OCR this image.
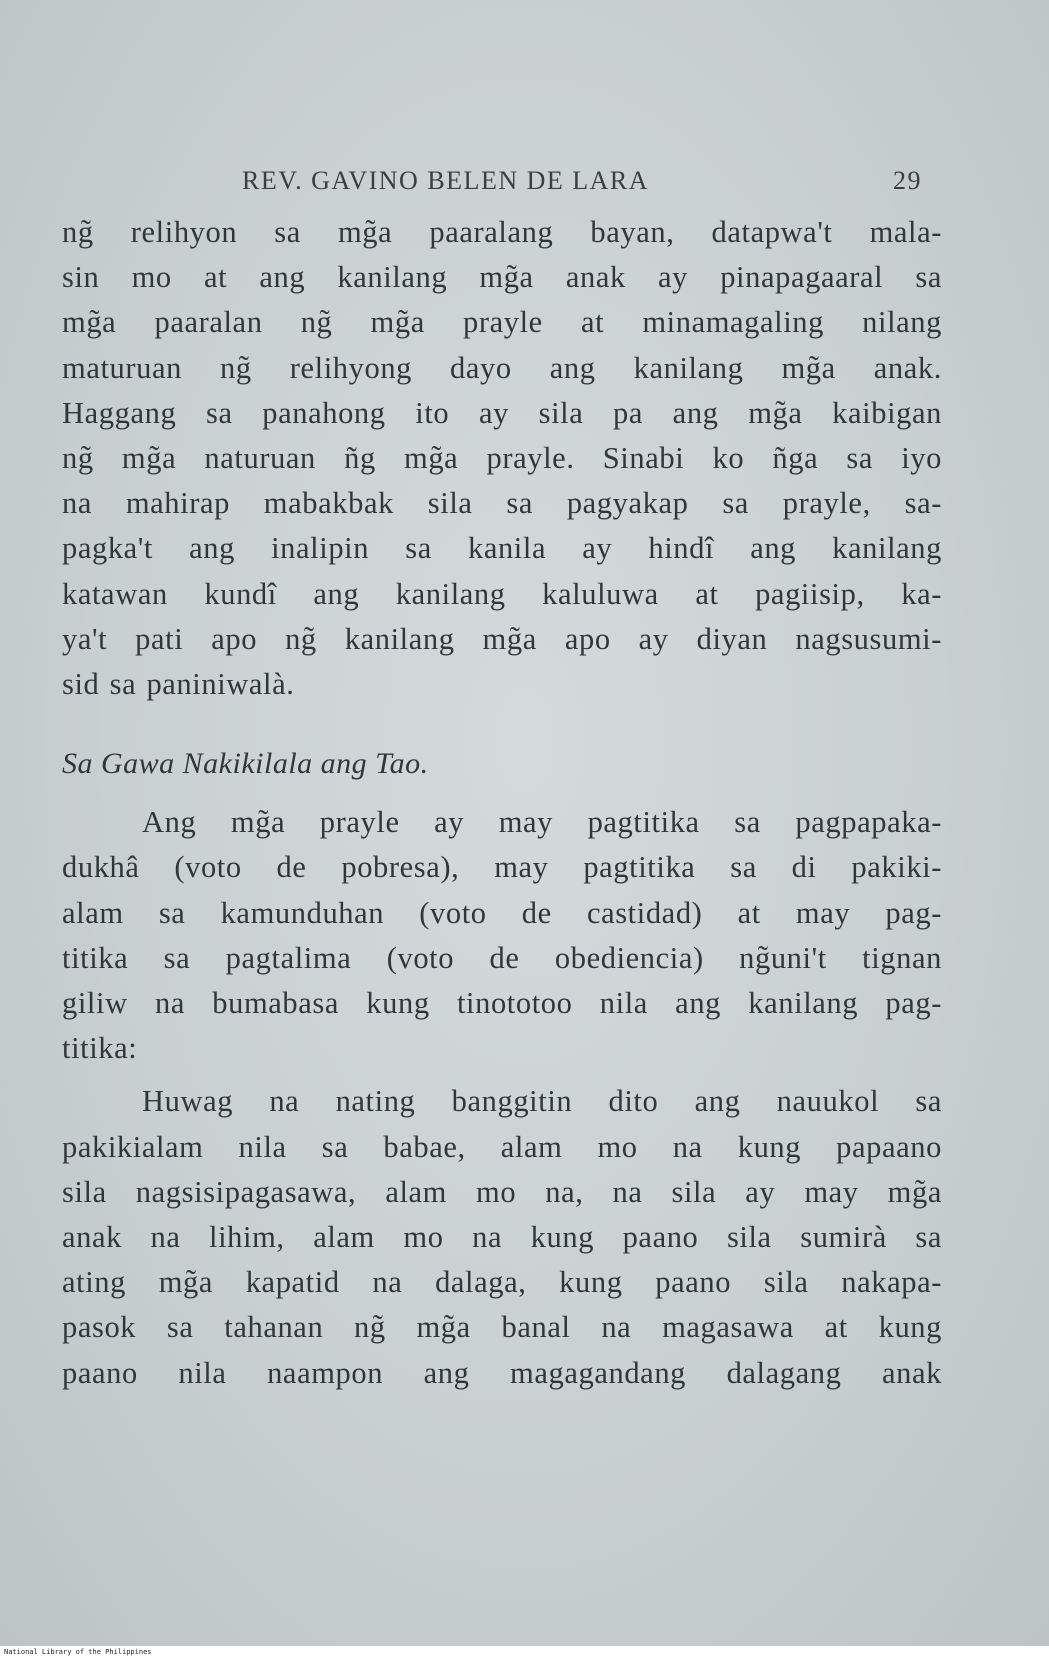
REV. GAVINO BELEN DE LARA	29
ng̃ relihyon sa mg̃a paaralang bayan, datapwa't mala-
sin mo at ang kanilang mg̃a anak ay pinapagaaral sa
mg̃a paaralan ng̃ mg̃a prayle at minamagaling nilang
maturuan ng̃ relihyong dayo ang kanilang mg̃a anak.
Haggang sa panahong ito ay sila pa ang mg̃a kaibigan
ng̃ mg̃a naturuan ñg mg̃a prayle. Sinabi ko ñga sa iyo
na mahirap mabakbak sila sa pagyakap sa prayle, sa-
pagka't ang inalipin sa kanila ay hindî ang kanilang
katawan kundî ang kanilang kaluluwa at pagiisip, ka-
ya't pati apo ng̃ kanilang mg̃a apo ay diyan nagsusumi-
sid sa paniniwalà.
Sa Gawa Nakikilala ang Tao.
Ang mg̃a prayle ay may pagtitika sa pagpapaka-
dukhâ (voto de pobresa), may pagtitika sa di pakiki-
alam sa kamunduhan (voto de castidad) at may pag-
titika sa pagtalima (voto de obediencia) ng̃uni't tignan
giliw na bumabasa kung tinototoo nila ang kanilang pag-
titika:
Huwag na nating banggitin dito ang nauukol sa
pakikialam nila sa babae, alam mo na kung papaano
sila nagsisipagasawa, alam mo na, na sila ay may mg̃a
anak na lihim, alam mo na kung paano sila sumirà sa
ating mg̃a kapatid na dalaga, kung paano sila nakapa-
pasok sa tahanan ng̃ mg̃a banal na magasawa at kung
paano nila naampon ang magagandang dalagang anak
National Library of the Philippines
